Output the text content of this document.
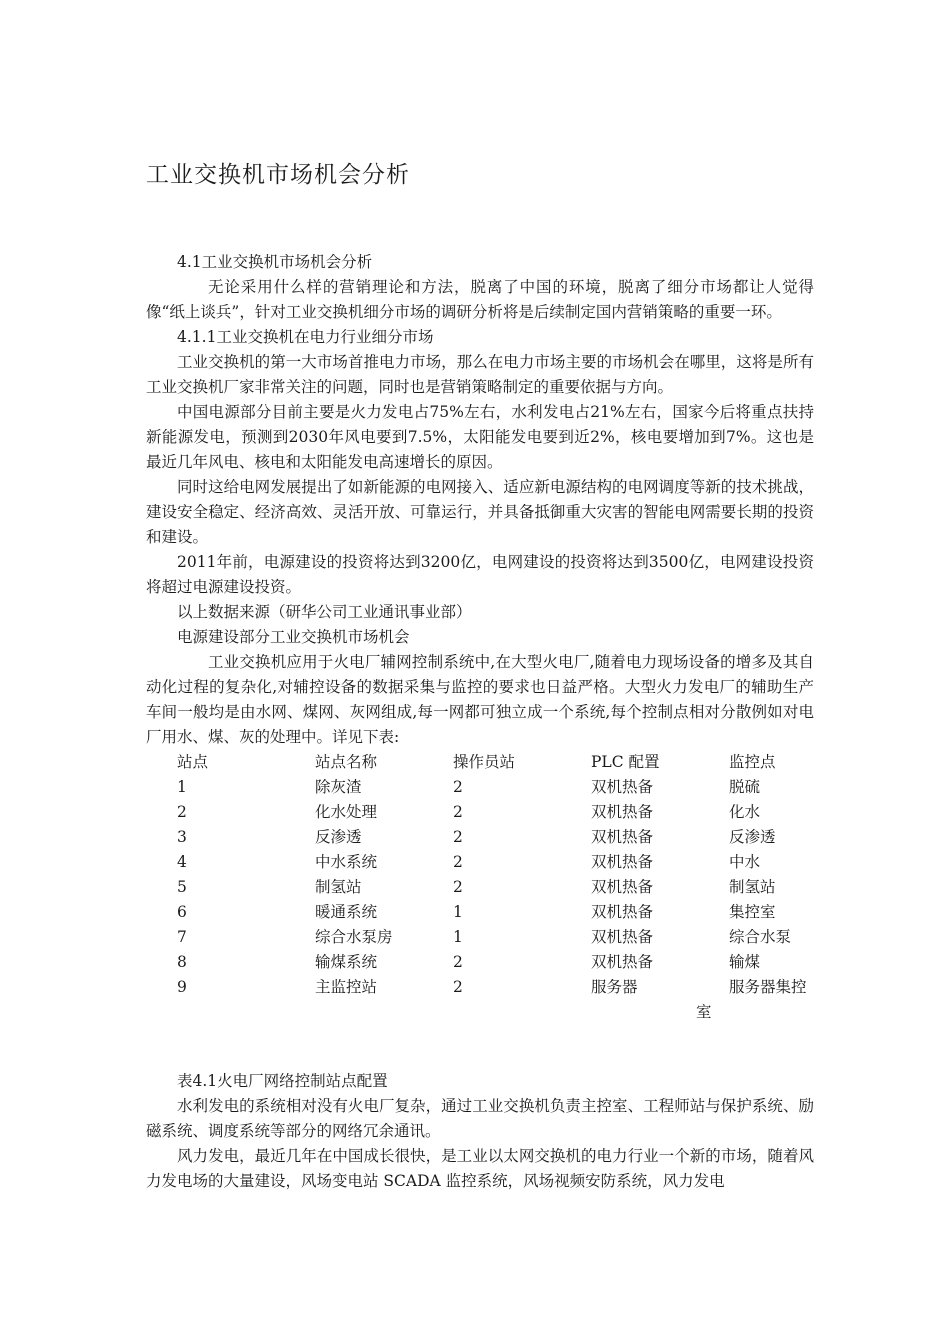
工业交换机市场机会分析

4.1工业交换机市场机会分析

无论采用什么样的营销理论和方法，脱离了中国的环境，脱离了细分市场都让人觉得像“纸上谈兵”，针对工业交换机细分市场的调研分析将是后续制定国内营销策略的重要一环。

4.1.1工业交换机在电力行业细分市场

工业交换机的第一大市场首推电力市场，那么在电力市场主要的市场机会在哪里，这将是所有工业交换机厂家非常关注的问题，同时也是营销策略制定的重要依据与方向。

中国电源部分目前主要是火力发电占75%左右，水利发电占21%左右，国家今后将重点扶持新能源发电，预测到2030年风电要到7.5%，太阳能发电要到近2%，核电要增加到7%。这也是最近几年风电、核电和太阳能发电高速增长的原因。

同时这给电网发展提出了如新能源的电网接入、适应新电源结构的电网调度等新的技术挑战，建设安全稳定、经济高效、灵活开放、可靠运行，并具备抵御重大灾害的智能电网需要长期的投资和建设。

2011年前，电源建设的投资将达到3200亿，电网建设的投资将达到3500亿，电网建设投资将超过电源建设投资。

以上数据来源（研华公司工业通讯事业部）

电源建设部分工业交换机市场机会

工业交换机应用于火电厂辅网控制系统中,在大型火电厂,随着电力现场设备的增多及其自动化过程的复杂化,对辅控设备的数据采集与监控的要求也日益严格。大型火力发电厂的辅助生产车间一般均是由水网、煤网、灰网组成,每一网都可独立成一个系统,每个控制点相对分散例如对电厂用水、煤、灰的处理中。详见下表:

站点	站点名称	操作员站	PLC 配置	监控点
1	除灰渣	2	双机热备	脱硫
2	化水处理	2	双机热备	化水
3	反渗透	2	双机热备	反渗透
4	中水系统	2	双机热备	中水
5	制氢站	2	双机热备	制氢站
6	暖通系统	1	双机热备	集控室
7	综合水泵房	1	双机热备	综合水泵
8	输煤系统	2	双机热备	输煤
9	主监控站	2	服务器	服务器集控

室

表4.1火电厂网络控制站点配置

水利发电的系统相对没有火电厂复杂，通过工业交换机负责主控室、工程师站与保护系统、励磁系统、调度系统等部分的网络冗余通讯。

风力发电，最近几年在中国成长很快，是工业以太网交换机的电力行业一个新的市场，随着风力发电场的大量建设，风场变电站 SCADA 监控系统，风场视频安防系统，风力发电
